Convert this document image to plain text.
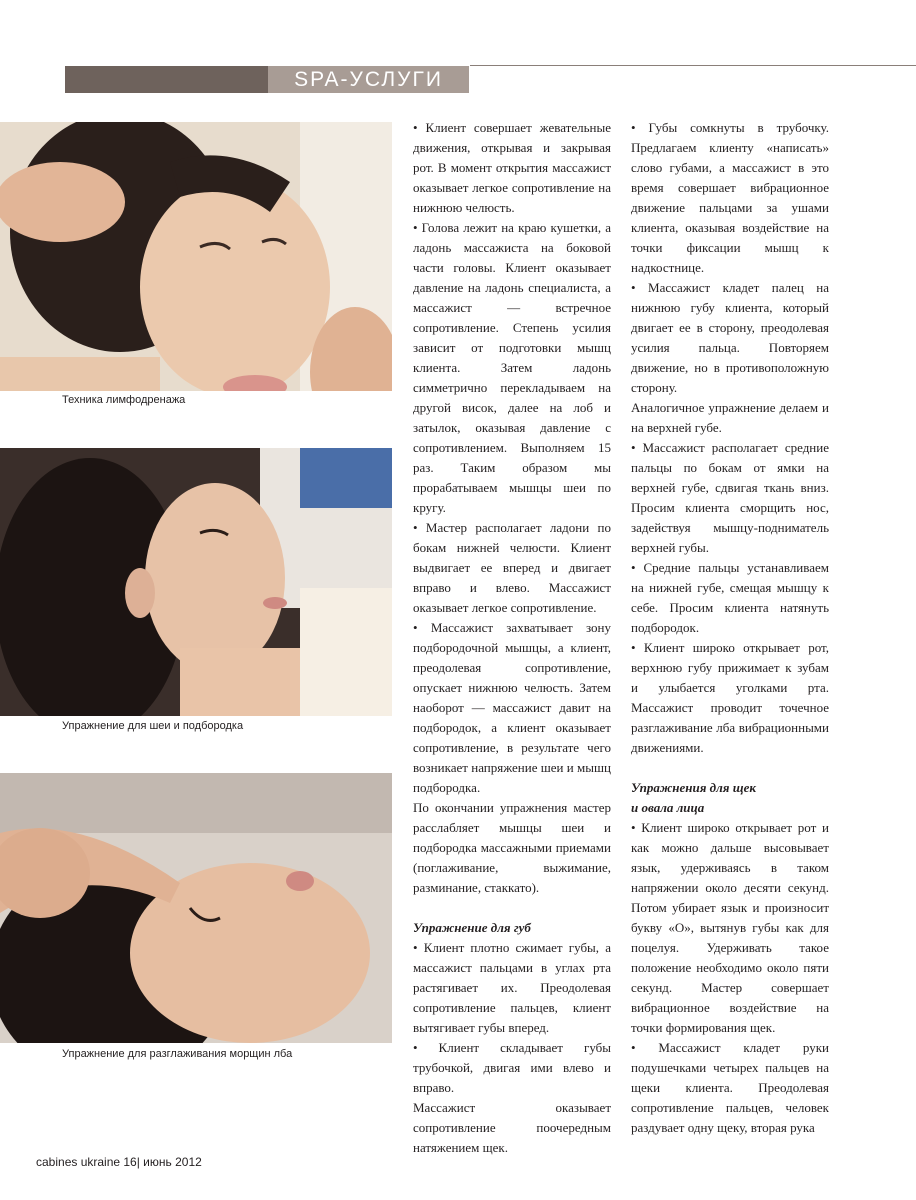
SPA-УСЛУГИ
Техника лимфодренажа
Упражнение для шеи и подбородка
Упражнение для разглаживания морщин лба

• Клиент совершает жевательные движения, открывая и закрывая рот. В момент открытия массажист оказывает легкое сопротивление на нижнюю челюсть.

• Голова лежит на краю кушетки, а ладонь массажиста на боковой части головы. Клиент оказывает давление на ладонь специалиста, а массажист — встречное сопротивление. Степень усилия зависит от подготовки мышц клиента. Затем ладонь симметрично перекладываем на другой висок, далее на лоб и затылок, оказывая давление с сопротивлением. Выполняем 15 раз. Таким образом мы прорабатываем мышцы шеи по кругу.

• Мастер располагает ладони по бокам нижней челюсти. Клиент выдвигает ее вперед и двигает вправо и влево. Массажист оказывает легкое сопротивление.

• Массажист захватывает зону подбородочной мышцы, а клиент, преодолевая сопротивление, опускает нижнюю челюсть. Затем наоборот — массажист давит на подбородок, а клиент оказывает сопротивление, в результате чего возникает напряжение шеи и мышц подбородка.

По окончании упражнения мастер расслабляет мышцы шеи и подбородка массажными приемами (поглаживание, выжимание, разминание, стаккато).

Упражнение для губ

• Клиент плотно сжимает губы, а массажист пальцами в углах рта растягивает их. Преодолевая сопротивление пальцев, клиент вытягивает губы вперед.

• Клиент складывает губы трубочкой, двигая ими влево и вправо.

Массажист оказывает сопротивление поочередным натяжением щек.

• Губы сомкнуты в трубочку. Предлагаем клиенту «написать» слово губами, а массажист в это время совершает вибрационное движение пальцами за ушами клиента, оказывая воздействие на точки фиксации мышц к надкостнице.

• Массажист кладет палец на нижнюю губу клиента, который двигает ее в сторону, преодолевая усилия пальца. Повторяем движение, но в противоположную сторону.

Аналогичное упражнение делаем и на верхней губе.

• Массажист располагает средние пальцы по бокам от ямки на верхней губе, сдвигая ткань вниз. Просим клиента сморщить нос, задействуя мышцу-подниматель верхней губы.

• Средние пальцы устанавливаем на нижней губе, смещая мышцу к себе. Просим клиента натянуть подбородок.

• Клиент широко открывает рот, верхнюю губу прижимает к зубам и улыбается уголками рта. Массажист проводит точечное разглаживание лба вибрационными движениями.

Упражнения для щек
и овала лица

• Клиент широко открывает рот и как можно дальше высовывает язык, удерживаясь в таком напряжении около десяти секунд. Потом убирает язык и произносит букву «О», вытянув губы как для поцелуя. Удерживать такое положение необходимо около пяти секунд. Мастер совершает вибрационное воздействие на точки формирования щек.

• Массажист кладет руки подушечками четырех пальцев на щеки клиента. Преодолевая сопротивление пальцев, человек раздувает одну щеку, вторая рука

cabines ukraine 16| июнь 2012
